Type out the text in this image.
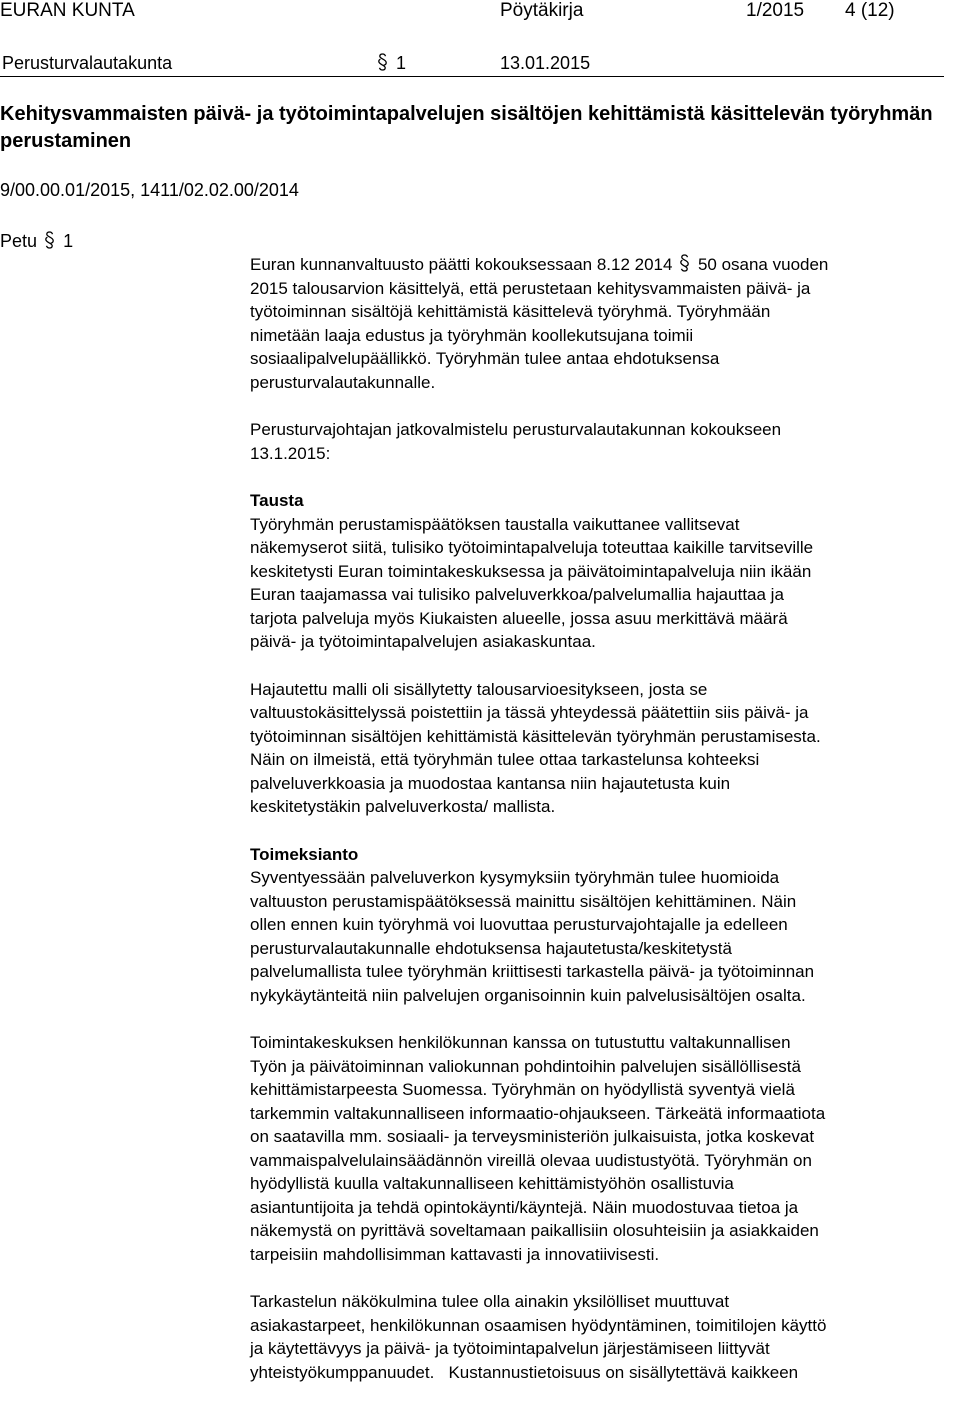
EURAN KUNTA	Pöytäkirja	1/2015 4 (12)
Perusturvalautakunta	1	13.01.2015
Kehitysvammaisten päivä- ja työtoimintapalvelujen sisältöjen kehittämistä käsittelevän työryhmän perustaminen
9/00.00.01/2015, 1411/02.02.00/2014
Petu 1
Euran kunnanvaltuusto päätti kokouksessaan 8.12 2014 50 osana vuoden
2015 talousarvion käsittelyä, että perustetaan kehitysvammaisten päivä- ja
työtoiminnan sisältöjä kehittämistä käsittelevä työryhmä. Työryhmään
nimetään laaja edustus ja työryhmän koollekutsujana toimii
sosiaalipalvelupäällikkö. Työryhmän tulee antaa ehdotuksensa
perusturvalautakunnalle.
Perusturvajohtajan jatkovalmistelu perusturvalautakunnan kokoukseen
13.1.2015:

Tausta

Työryhmän perustamispäätöksen taustalla vaikuttanee vallitsevat
näkemyserot siitä, tulisiko työtoimintapalveluja toteuttaa kaikille tarvitseville
keskitetysti Euran toimintakeskuksessa ja päivätoimintapalveluja niin ikään
Euran taajamassa vai tulisiko palveluverkkoa/palvelumallia hajauttaa ja
tarjota palveluja myös Kiukaisten alueelle, jossa asuu merkittävä määrä
päivä- ja työtoimintapalvelujen asiakaskuntaa.
Hajautettu malli oli sisällytetty talousarvioesitykseen, josta se
valtuustokäsittelyssä poistettiin ja tässä yhteydessä päätettiin siis päivä- ja
työtoiminnan sisältöjen kehittämistä käsittelevän työryhmän perustamisesta.
Näin on ilmeistä, että työryhmän tulee ottaa tarkastelunsa kohteeksi
palveluverkkoasia ja muodostaa kantansa niin hajautetusta kuin
keskitetystäkin palveluverkosta/ mallista.

Toimeksianto

Syventyessään palveluverkon kysymyksiin työryhmän tulee huomioida
valtuuston perustamispäätöksessä mainittu sisältöjen kehittäminen. Näin
ollen ennen kuin työryhmä voi luovuttaa perusturvajohtajalle ja edelleen
perusturvalautakunnalle ehdotuksensa hajautetusta/keskitetystä
palvelumallista tulee työryhmän kriittisesti tarkastella päivä- ja työtoiminnan
nykykäytänteitä niin palvelujen organisoinnin kuin palvelusisältöjen osalta.
Toimintakeskuksen henkilökunnan kanssa on tutustuttu valtakunnallisen
Työn ja päivätoiminnan valiokunnan pohdintoihin palvelujen sisällöllisestä
kehittämistarpeesta Suomessa. Työryhmän on hyödyllistä syventyä vielä
tarkemmin valtakunnalliseen informaatio-ohjaukseen. Tärkeätä informaatiota
on saatavilla mm. sosiaali- ja terveysministeriön julkaisuista, jotka koskevat
vammaispalvelulainsäädännön vireillä olevaa uudistustyötä. Työryhmän on
hyödyllistä kuulla valtakunnalliseen kehittämistyöhön osallistuvia
asiantuntijoita ja tehdä opintokäynti/käyntejä. Näin muodostuvaa tietoa ja
näkemystä on pyrittävä soveltamaan paikallisiin olosuhteisiin ja asiakkaiden
tarpeisiin mahdollisimman kattavasti ja innovatiivisesti.
Tarkastelun näkökulmina tulee olla ainakin yksilölliset muuttuvat
asiakastarpeet, henkilökunnan osaamisen hyödyntäminen, toimitilojen käyttö
ja käytettävyys ja päivä- ja työtoimintapalvelun järjestämiseen liittyvät
yhteistyökumppanuudet.   Kustannustietoisuus on sisällytettävä kaikkeen
